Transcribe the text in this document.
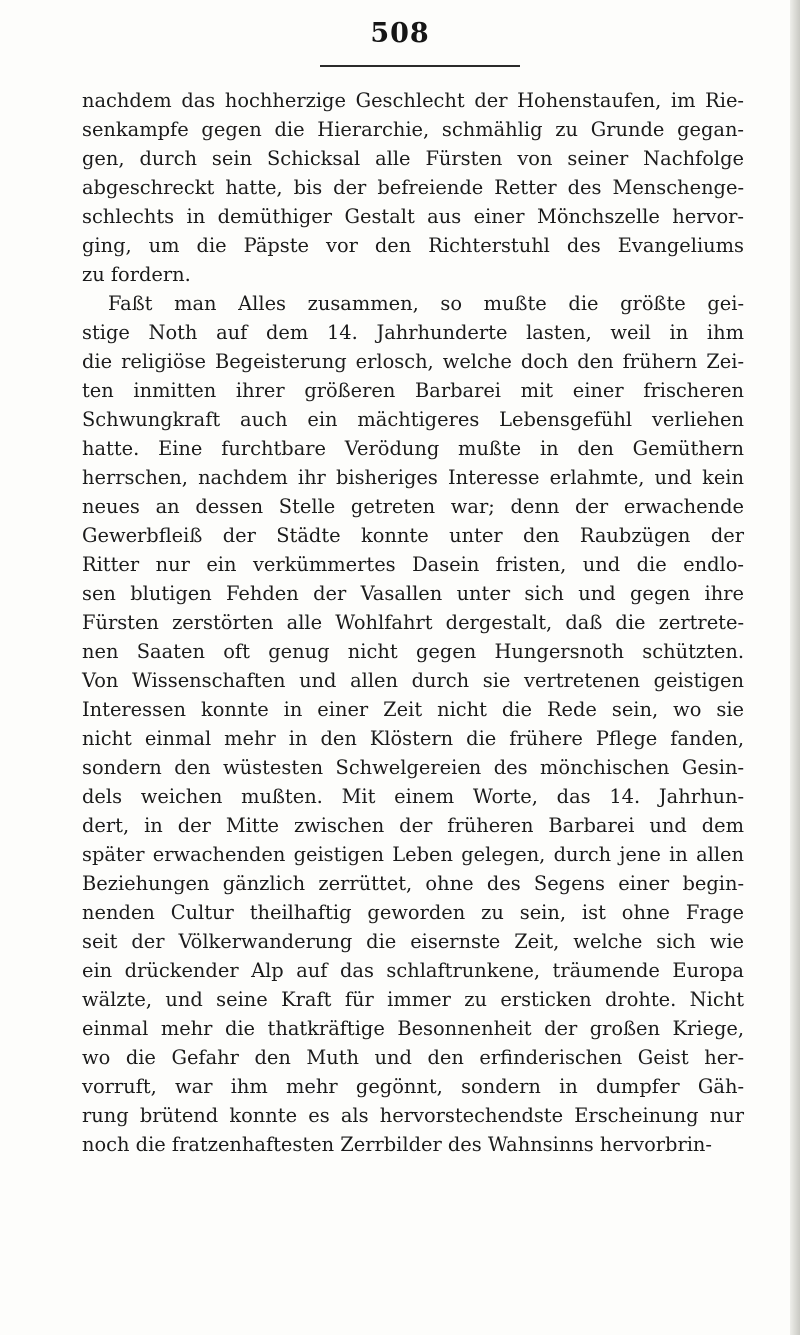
508
nachdem das hochherzige Geschlecht der Hohenstaufen, im Rie-
senkampfe gegen die Hierarchie, schmählig zu Grunde gegan-
gen, durch sein Schicksal alle Fürsten von seiner Nachfolge
abgeschreckt hatte, bis der befreiende Retter des Menschenge-
schlechts in demüthiger Gestalt aus einer Mönchszelle hervor-
ging, um die Päpste vor den Richterstuhl des Evangeliums
zu fordern.
Faßt man Alles zusammen, so mußte die größte gei-
stige Noth auf dem 14. Jahrhunderte lasten, weil in ihm
die religiöse Begeisterung erlosch, welche doch den frühern Zei-
ten inmitten ihrer größeren Barbarei mit einer frischeren
Schwungkraft auch ein mächtigeres Lebensgefühl verliehen
hatte. Eine furchtbare Verödung mußte in den Gemüthern
herrschen, nachdem ihr bisheriges Interesse erlahmte, und kein
neues an dessen Stelle getreten war; denn der erwachende
Gewerbfleiß der Städte konnte unter den Raubzügen der
Ritter nur ein verkümmertes Dasein fristen, und die endlo-
sen blutigen Fehden der Vasallen unter sich und gegen ihre
Fürsten zerstörten alle Wohlfahrt dergestalt, daß die zertrete-
nen Saaten oft genug nicht gegen Hungersnoth schützten.
Von Wissenschaften und allen durch sie vertretenen geistigen
Interessen konnte in einer Zeit nicht die Rede sein, wo sie
nicht einmal mehr in den Klöstern die frühere Pflege fanden,
sondern den wüstesten Schwelgereien des mönchischen Gesin-
dels weichen mußten. Mit einem Worte, das 14. Jahrhun-
dert, in der Mitte zwischen der früheren Barbarei und dem
später erwachenden geistigen Leben gelegen, durch jene in allen
Beziehungen gänzlich zerrüttet, ohne des Segens einer begin-
nenden Cultur theilhaftig geworden zu sein, ist ohne Frage
seit der Völkerwanderung die eisernste Zeit, welche sich wie
ein drückender Alp auf das schlaftrunkene, träumende Europa
wälzte, und seine Kraft für immer zu ersticken drohte. Nicht
einmal mehr die thatkräftige Besonnenheit der großen Kriege,
wo die Gefahr den Muth und den erfinderischen Geist her-
vorruft, war ihm mehr gegönnt, sondern in dumpfer Gäh-
rung brütend konnte es als hervorstechendste Erscheinung nur
noch die fratzenhaftesten Zerrbilder des Wahnsinns hervorbrin-
